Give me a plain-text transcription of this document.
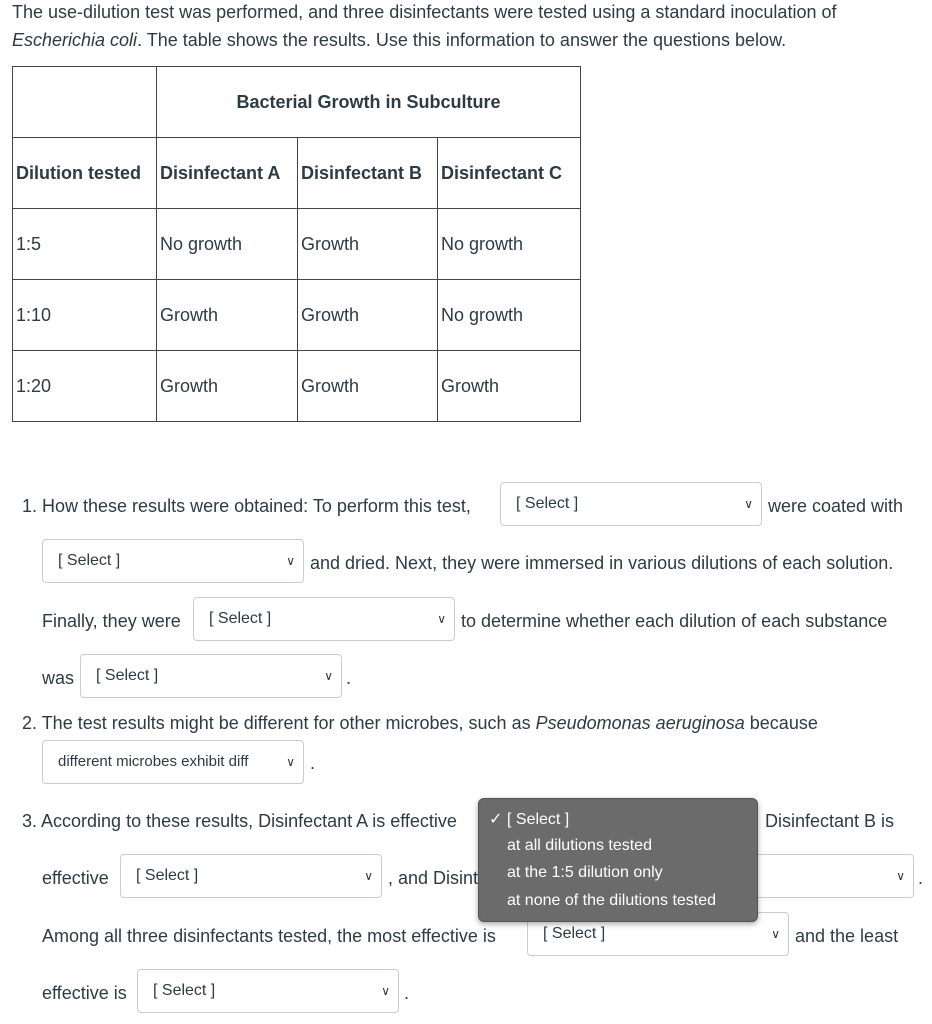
The use-dilution test was performed, and three disinfectants were tested using a standard inoculation of
Escherichia coli. The table shows the results. Use this information to answer the questions below.
	Bacterial Growth in Subculture		
Dilution tested	Disinfectant A	Disinfectant B	Disinfectant C
1:5	No growth	Growth	No growth
1:10	Growth	Growth	No growth
1:20	Growth	Growth	Growth
1. How these results were obtained: To perform this test,	[ Select ]	∨ were coated with
[ Select ]	∨ and dried. Next, they were immersed in various dilutions of each solution.
Finally, they were [ Select ]	∨ to determine whether each dilution of each substance
was [ Select ]	∨ .
2. The test results might be different for other microbes, such as Pseudomonas aeruginosa because
different microbes exhibit diff	∨ .
3. According to these results, Disinfectant A is effective	Disinfectant B is
effective [ Select ]	∨ , and Disint	∨ .
Among all three disinfectants tested, the most effective is	[ Select ]	∨ and the least
effective is [ Select ]	∨ .
✓ [ Select ]
at all dilutions tested
at the 1:5 dilution only
at none of the dilutions tested
